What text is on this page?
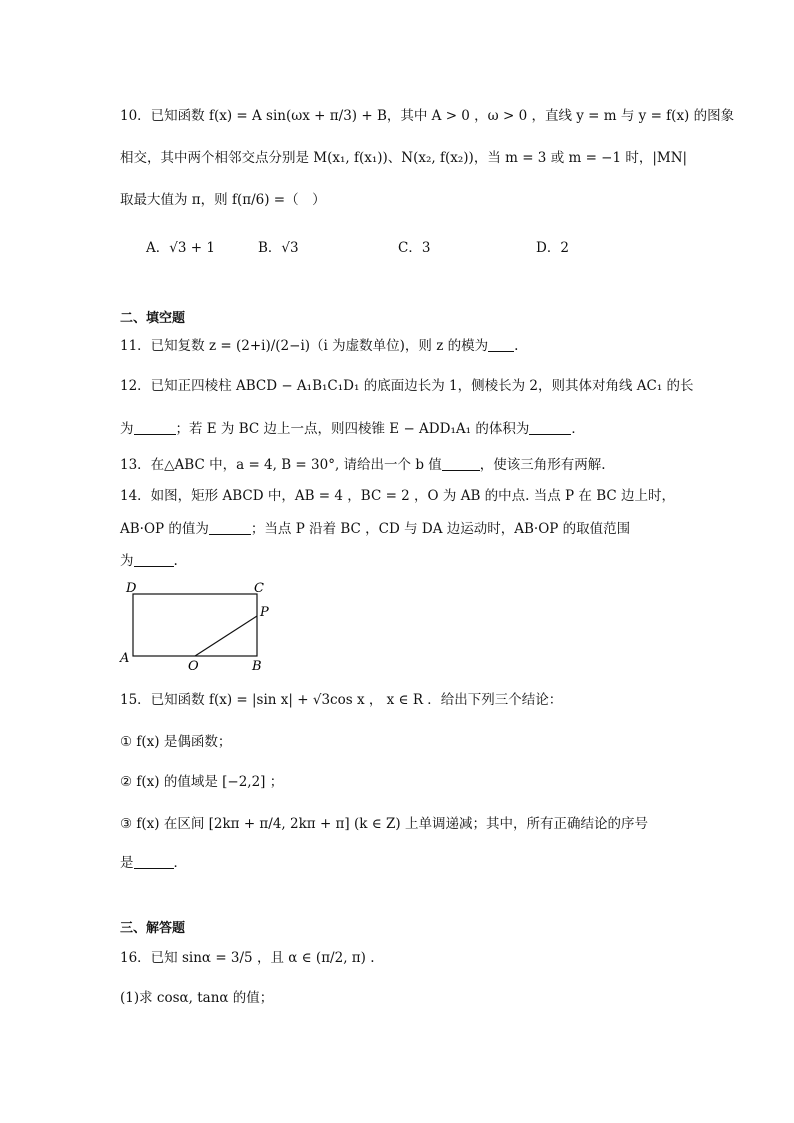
10．已知函数 f(x) = A sin(ωx + π/3) + B，其中 A > 0 ，ω > 0 ，直线 y = m 与 y = f(x) 的图象
相交，其中两个相邻交点分别是 M(x₁, f(x₁))、N(x₂, f(x₂))，当 m = 3 或 m = −1 时，|MN|
取最大值为 π，则 f(π/6) =（　）
A．√3 + 1	B．√3	C．3	D．2
二、填空题
11．已知复数 z = (2+i)/(2−i)（i 为虚数单位)，则 z 的模为 .
12．已知正四棱柱 ABCD − A₁B₁C₁D₁ 的底面边长为 1，侧棱长为 2，则其体对角线 AC₁ 的长
为	；若 E 为 BC 边上一点，则四棱锥 E − ADD₁A₁ 的体积为	．
13．在△ABC 中，a = 4, B = 30°, 请给出一个 b 值	，使该三角形有两解.
14．如图，矩形 ABCD 中，AB = 4 ，BC = 2 ，O 为 AB 的中点. 当点 P 在 BC 边上时，
AB·OP 的值为	；当点 P 沿着 BC ，CD 与 DA 边运动时，AB·OP 的取值范围
为	.
D	C
P
A
O	B
15．已知函数 f(x) = |sin x| + √3cos x ， x ∈ R ．给出下列三个结论：
① f(x) 是偶函数；
② f(x) 的值域是 [−2,2] ；
③ f(x) 在区间 [2kπ + π/4, 2kπ + π] (k ∈ Z) 上单调递减；其中，所有正确结论的序号
是	．
三、解答题
16．已知 sinα = 3/5 ，且 α ∈ (π/2, π) .
(1)求 cosα, tanα 的值；
